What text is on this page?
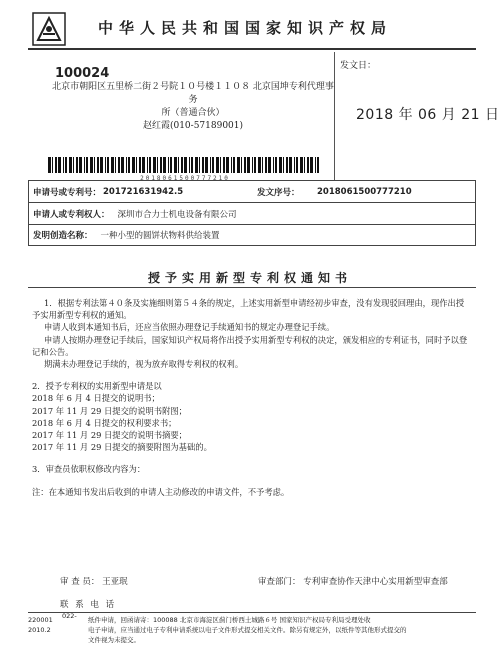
中华人民共和国国家知识产权局
100024
北京市朝阳区五里桥二街２号院１０号楼１１０８ 北京国坤专利代理事务
所（普通合伙）
赵红霞(010-57189001)
2018061500777210
发文日：
2018 年 06 月 21 日
申请号或专利号： 201721631942.5	发文序号： 2018061500777210
申请人或专利权人： 深圳市合力士机电设备有限公司
发明创造名称： 一种小型的圆饼状物料供给装置
授予实用新型专利权通知书

1．根据专利法第４０条及实施细则第５４条的规定，上述实用新型申请经初步审查，没有发现驳回理由，现作出授予实用新型专利权的通知。

申请人收到本通知书后，还应当依照办理登记手续通知书的规定办理登记手续。

申请人按期办理登记手续后，国家知识产权局将作出授予实用新型专利权的决定，颁发相应的专利证书，同时予以登记和公告。

期满未办理登记手续的，视为放弃取得专利权的权利。

2．授予专利权的实用新型申请是以

2018 年 6 月 4 日提交的说明书；

2017 年 11 月 29 日提交的说明书附图；

2018 年 6 月 4 日提交的权利要求书；

2017 年 11 月 29 日提交的说明书摘要；

2017 年 11 月 29 日提交的摘要附图为基础的。

3．审查员依职权修改内容为：

注：在本通知书发出后收到的申请人主动修改的申请文件，不予考虑。

审 查 员： 王亚珉	审查部门： 专利审查协作天津中心实用新型审查部
联 系 电 话
022-
220001
2010.2
纸件申请，回函请寄：100088 北京市海淀区蓟门桥西土城路６号 国家知识产权局专利局受理处收
电子申请，应当通过电子专利申请系统以电子文件形式提交相关文件。除另有规定外，以纸件等其他形式提交的
文件视为未提交。
